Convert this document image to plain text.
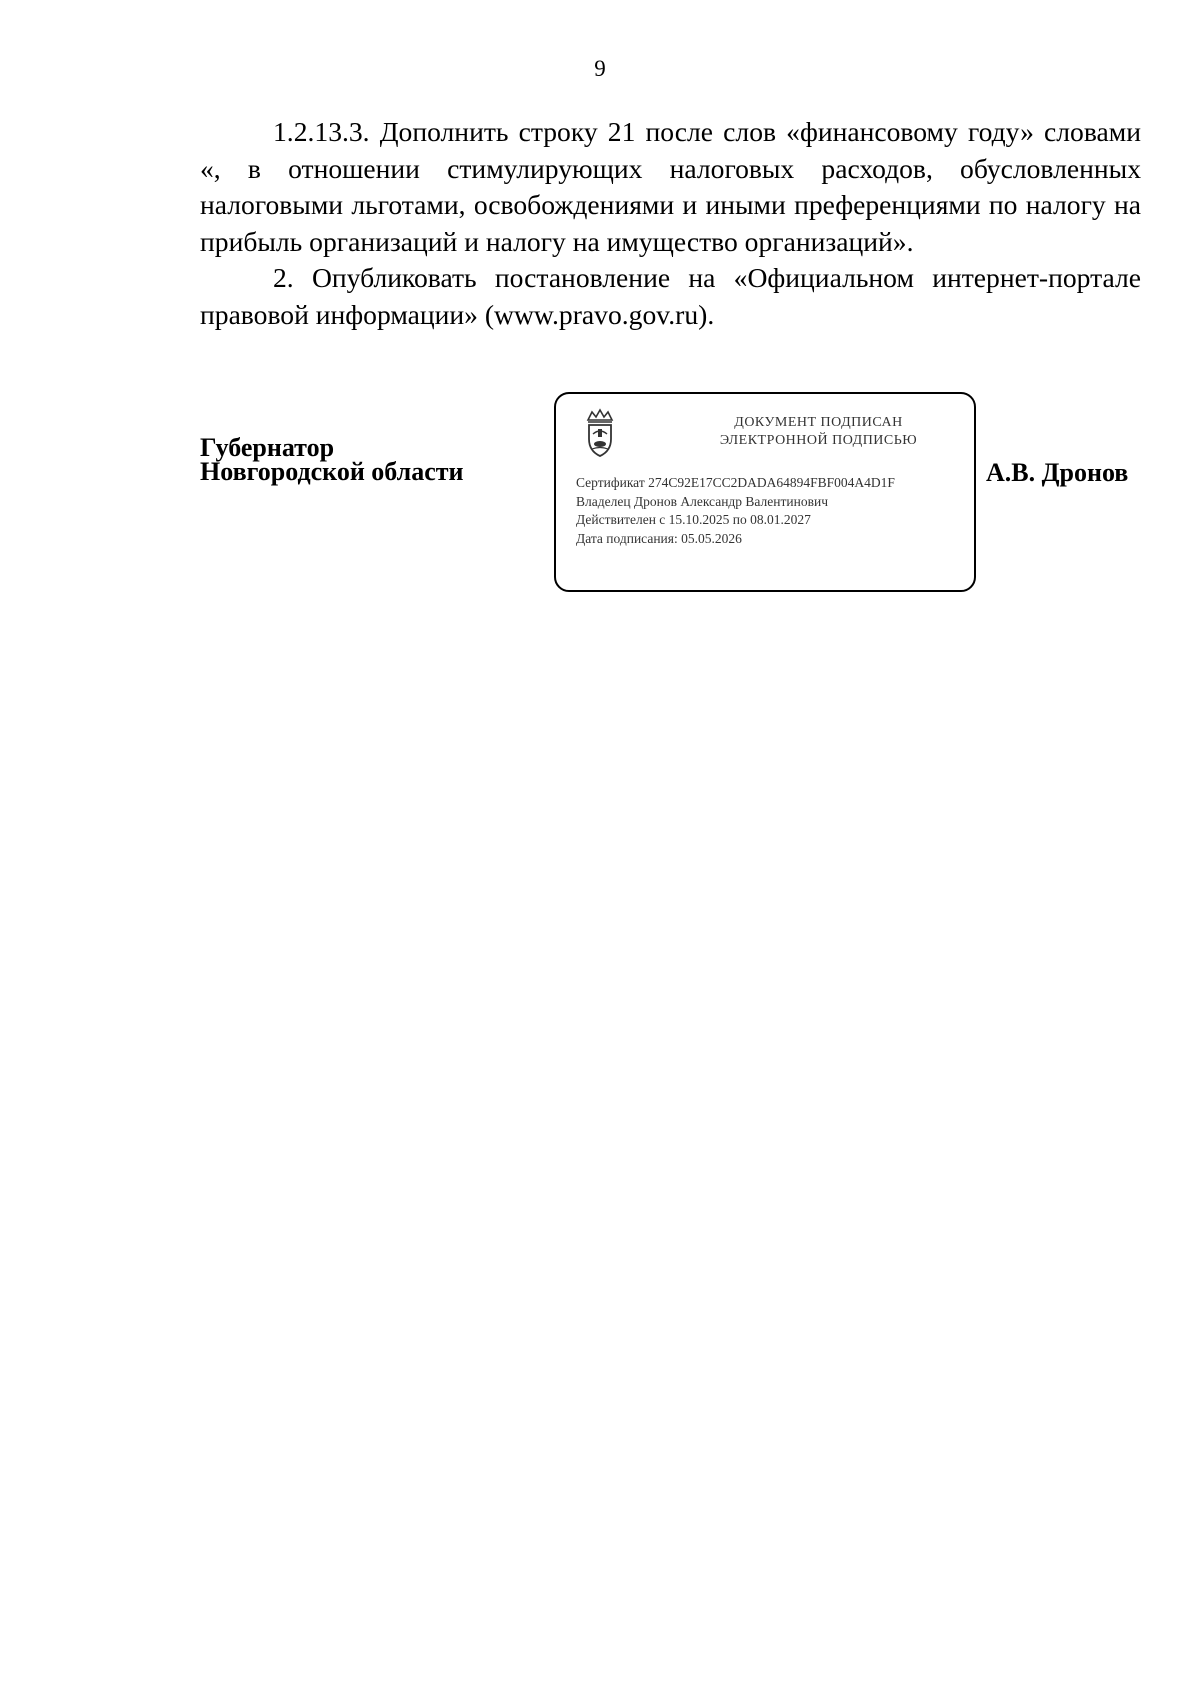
9

1.2.13.3. Дополнить строку 21 после слов «финансовому году» словами «, в отношении стимулирующих налоговых расходов, обусловленных налоговыми льготами, освобождениями и иными преференциями по налогу на прибыль организаций и налогу на имущество организаций».

2. Опубликовать постановление на «Официальном интернет-портале правовой информации» (www.pravo.gov.ru).

Губернатор
Новгородской области
ДОКУМЕНТ ПОДПИСАН
ЭЛЕКТРОННОЙ ПОДПИСЬЮ
Сертификат 274C92E17CC2DADA64894FBF004A4D1F
Владелец Дронов Александр Валентинович
Действителен с 15.10.2025 по 08.01.2027
Дата подписания: 05.05.2026
А.В. Дронов
